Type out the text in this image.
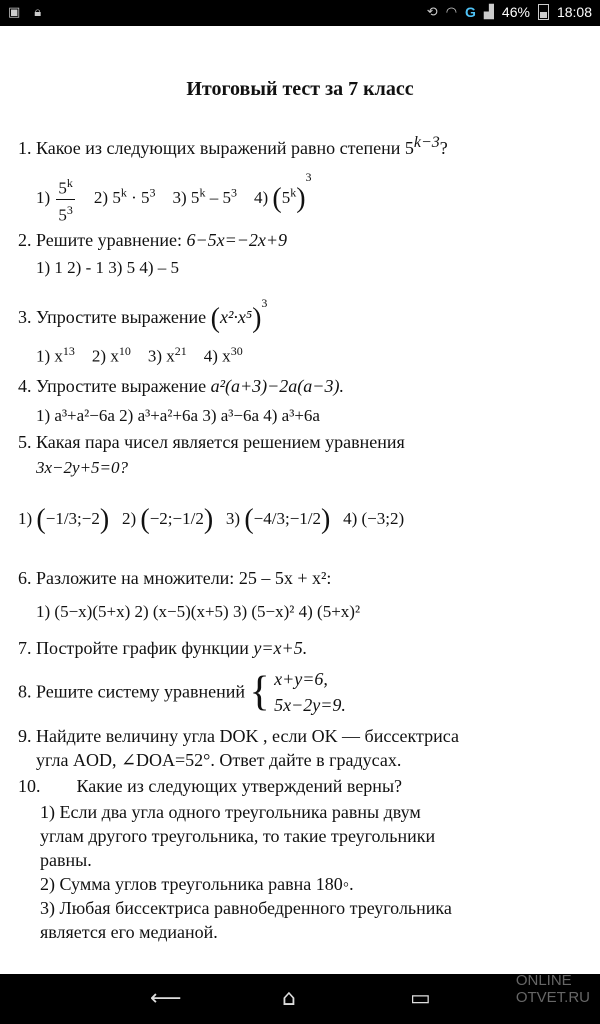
▣ 🔒︎	⟲ ◠ G ▟ 46% 18:08
Итоговый тест за 7 класс
1. Какое из следующих выражений равно степени $5^{k-3}$?
$1) \frac{5^k}{5^3} 2$) $5^k \cdot 5^3$ 3) $5^k - 5^3$ 4) $(5^k)^3$
2. Решите уравнение: 6−5x=−2x+9
1) 1 2) - 1 3) 5 4) – 5
3. Упростите выражение $(x^2\cdot x^5)^3$
1) $x^{13}$ 2) $x^{10}$ 3) $x^{21}$ 4) $x^{30}$
4. Упростите выражение a²(a+3)−2a(a−3).
1) a³+a²−6a 2) a³+a²+6a 3) a³−6a 4) a³+6a
5. Какая пара чисел является решением уравнения
3x−2y+5=0?
1) (−1/3;−2) 2) (−2;−1/2) 3) (−4/3;−1/2) 4) (−3;2)
6. Разложите на множители: 25 – 5x + x²:
1) (5−x)(5+x) 2) (x−5)(x+5) 3) (5−x)² 4) (5+x)²
7. Постройте график функции y=x+5.
8. Решите систему уравнений { x+y=6,
5x−2y=9.
9. Найдите величину угла DOK , если OK — биссектриса
угла AOD, ∠DOA=52°. Ответ дайте в градусах.
10. Какие из следующих утверждений верны?
1) Если два угла одного треугольника равны двум
углам другого треугольника, то такие треугольники
равны.
2) Сумма углов треугольника равна 180◦.
3) Любая биссектриса равнобедренного треугольника
является его медианой.
⟵	⌂	▭
ONLINE
OTVET.RU
